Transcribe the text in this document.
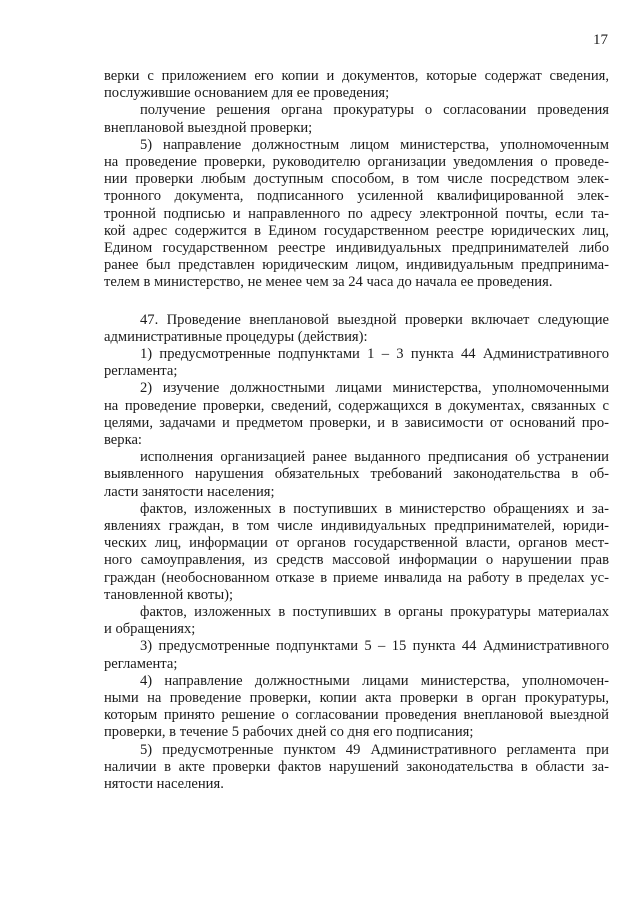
17
верки с приложением его копии и документов, которые содержат сведения,
послужившие основанием для ее проведения;
получение решения органа прокуратуры о согласовании проведения
внеплановой выездной проверки;
5) направление должностным лицом министерства, уполномоченным
на проведение проверки, руководителю организации уведомления о проведе-
нии проверки любым доступным способом, в том числе посредством элек-
тронного документа, подписанного усиленной квалифицированной элек-
тронной подписью и направленного по адресу электронной почты, если та-
кой адрес содержится в Едином государственном реестре юридических лиц,
Едином государственном реестре индивидуальных предпринимателей либо
ранее был представлен юридическим лицом, индивидуальным предпринима-
телем в министерство, не менее чем за 24 часа до начала ее проведения.
47. Проведение внеплановой выездной проверки включает следующие
административные процедуры (действия):
1) предусмотренные подпунктами 1 – 3 пункта 44 Административного
регламента;
2) изучение должностными лицами министерства, уполномоченными
на проведение проверки, сведений, содержащихся в документах, связанных с
целями, задачами и предметом проверки, и в зависимости от оснований про-
верка:
исполнения организацией ранее выданного предписания об устранении
выявленного нарушения обязательных требований законодательства в об-
ласти занятости населения;
фактов, изложенных в поступивших в министерство обращениях и за-
явлениях граждан, в том числе индивидуальных предпринимателей, юриди-
ческих лиц, информации от органов государственной власти, органов мест-
ного самоуправления, из средств массовой информации о нарушении прав
граждан (необоснованном отказе в приеме инвалида на работу в пределах ус-
тановленной квоты);
фактов, изложенных в поступивших в органы прокуратуры материалах
и обращениях;
3) предусмотренные подпунктами 5 – 15 пункта 44 Административного
регламента;
4) направление должностными лицами министерства, уполномочен-
ными на проведение проверки, копии акта проверки в орган прокуратуры,
которым принято решение о согласовании проведения внеплановой выездной
проверки, в течение 5 рабочих дней со дня его подписания;
5) предусмотренные пунктом 49 Административного регламента при
наличии в акте проверки фактов нарушений законодательства в области за-
нятости населения.
